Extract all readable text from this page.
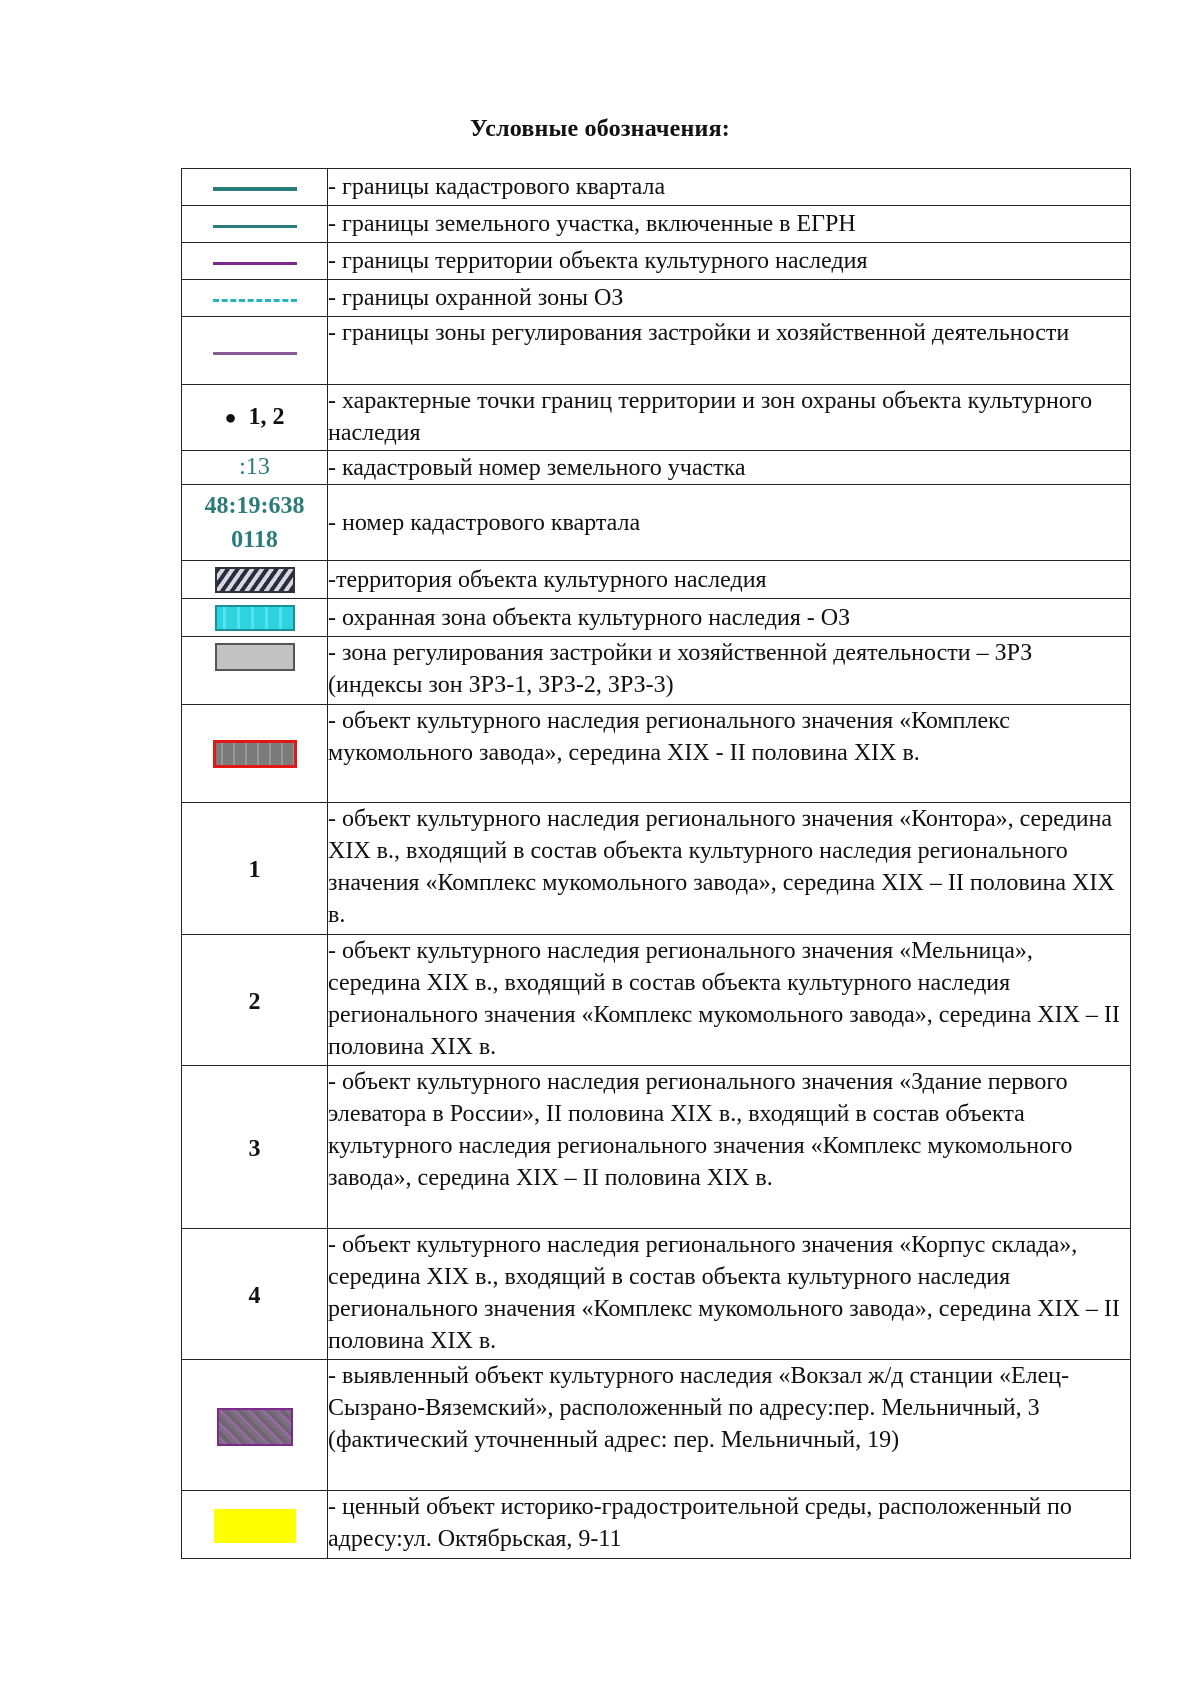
Условные обозначения:
	- границы кадастрового квартала
	- границы земельного участка, включенные в ЕГРН
	- границы территории объекта культурного наследия
	- границы охранной зоны ОЗ
	- границы зоны регулирования застройки и хозяйственной деятельности
● 1, 2	- характерные точки границ территории и зон охраны объекта культурного наследия
:13	- кадастровый номер земельного участка

48:19:638
0118	- номер кадастрового квартала
	-территория объекта культурного наследия
	- охранная зона объекта культурного наследия - ОЗ
	- зона регулирования застройки и хозяйственной деятельности – ЗРЗ (индексы зон ЗРЗ-1, ЗРЗ-2, ЗРЗ-3)
	- объект культурного наследия регионального значения «Комплекс мукомольного завода», середина XIX - II половина XIX в.

1	- объект культурного наследия регионального значения «Контора», середина XIX в., входящий в состав объекта культурного наследия регионального значения «Комплекс мукомольного завода», середина XIX – II половина XIX в.

2	- объект культурного наследия регионального значения «Мельница», середина XIX в., входящий в состав объекта культурного наследия регионального значения «Комплекс мукомольного завода», середина XIX – II половина XIX в.

3	- объект культурного наследия регионального значения «Здание первого элеватора в России», II половина XIX в., входящий в состав объекта культурного наследия регионального значения «Комплекс мукомольного завода», середина XIX – II половина XIX в.

4	- объект культурного наследия регионального значения «Корпус склада», середина XIX в., входящий в состав объекта культурного наследия регионального значения «Комплекс мукомольного завода», середина XIX – II половина XIX в.
	- выявленный объект культурного наследия «Вокзал ж/д станции «Елец-Сызрано-Вяземский», расположенный по адресу:пер. Мельничный, 3 (фактический уточненный адрес: пер. Мельничный, 19)
	- ценный объект историко-градостроительной среды, расположенный по адресу:ул. Октябрьская, 9-11
